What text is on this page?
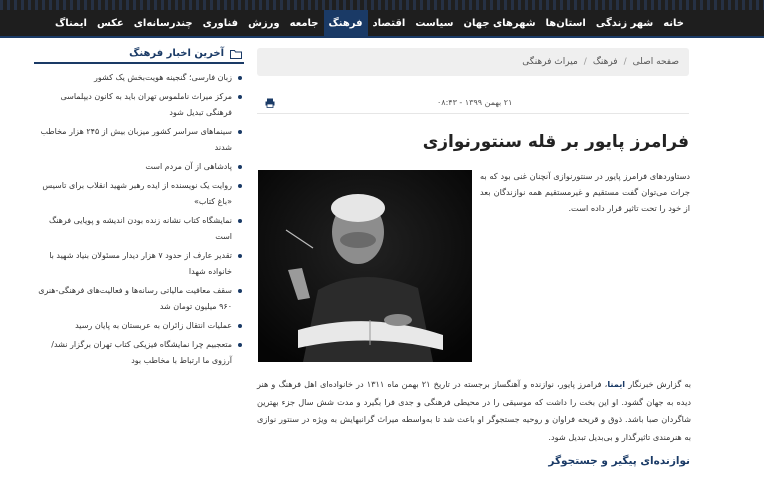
خانه
شهر زندگی
استان‌ها
شهرهای جهان
سیاست
اقتصاد
فرهنگ
جامعه
ورزش
فناوری
چندرسانه‌ای
عکس
ایمناگ
صفحه اصلی
/
فرهنگ
/
میراث فرهنگی
۲۱ بهمن ۱۳۹۹ - ۰۸:۴۳
فرامرز پایور بر قله سنتورنوازی

دستاوردهای فرامرز پایور در سنتورنوازی آنچنان غنی بود که به جرات می‌توان گفت مستقیم و غیرمستقیم همه نوازندگان بعد از خود را تحت تاثیر قرار داده است.

به گزارش خبرنگار ایمنا، فرامرز پایور، نوازنده و آهنگساز برجسته در تاریخ ۲۱ بهمن ماه ۱۳۱۱ در خانواده‌ای اهل فرهنگ و هنر دیده به جهان گشود. او این بخت را داشت که موسیقی را در محیطی فرهنگی و جدی فرا بگیرد و مدت شش سال جزء بهترین شاگردان صبا باشد. ذوق و قریحه فراوان و روحیه جستجوگر او باعث شد تا به‌واسطه میراث گرانبهایش به ویژه در سنتور نوازی به هنرمندی تاثیرگذار و بی‌بدیل تبدیل شود.

نوازنده‌ای پیگیر و جستجوگر
آخرین اخبار فرهنگ
زبان فارسی؛ گنجینه هویت‌بخش یک کشور
مرکز میراث ناملموس تهران باید به کانون دیپلماسی فرهنگی تبدیل شود
سینماهای سراسر کشور میزبان بیش از ۲۴۵ هزار مخاطب شدند
پادشاهی از آن مردم است
روایت یک نویسنده از ایده رهبر شهید انقلاب برای تاسیس «باغ کتاب»
نمایشگاه کتاب نشانه زنده بودن اندیشه و پویایی فرهنگ است
تقدیر عارف از حدود ۷ هزار دیدار مسئولان بنیاد شهید با خانواده شهدا
سقف معافیت مالیاتی رسانه‌ها و فعالیت‌های فرهنگی-هنری ۹۶۰ میلیون تومان شد
عملیات انتقال زائران به عربستان به پایان رسید
متعجبیم چرا نمایشگاه فیزیکی کتاب تهران برگزار نشد/ آرزوی ما ارتباط با مخاطب بود
